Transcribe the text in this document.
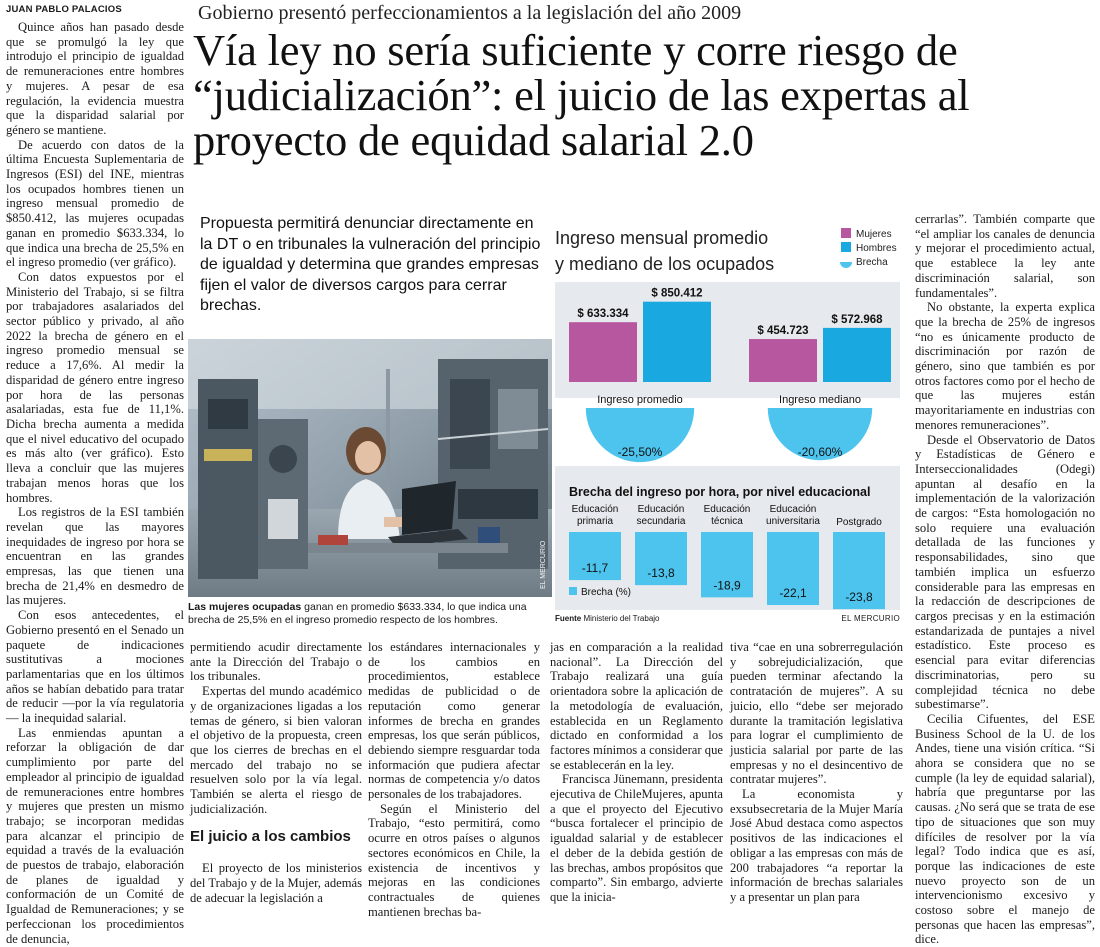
JUAN PABLO PALACIOS	Gobierno presentó perfeccionamientos a la legislación del año 2009
Vía ley no sería suficiente y corre riesgo de “judicialización”: el juicio de las expertas al proyecto de equidad salarial 2.0

Quince años han pasado desde que se promulgó la ley que introdujo el principio de igualdad de remuneraciones entre hombres y mujeres. A pesar de esa regulación, la evidencia muestra que la disparidad salarial por género se mantiene.

De acuerdo con datos de la última Encuesta Suplementaria de Ingresos (ESI) del INE, mientras los ocupados hombres tienen un ingreso mensual promedio de $850.412, las mujeres ocupadas ganan en promedio $633.334, lo que indica una brecha de 25,5% en el ingreso promedio (ver gráfico).

Con datos expuestos por el Ministerio del Trabajo, si se filtra por trabajadores asalariados del sector público y privado, al año 2022 la brecha de género en el ingreso promedio mensual se reduce a 17,6%. Al medir la disparidad de género entre ingreso por hora de las personas asalariadas, esta fue de 11,1%. Dicha brecha aumenta a medida que el nivel educativo del ocupado es más alto (ver gráfico). Esto lleva a concluir que las mujeres trabajan menos horas que los hombres.

Los registros de la ESI también revelan que las mayores inequidades de ingreso por hora se encuentran en las grandes empresas, las que tienen una brecha de 21,4% en desmedro de las mujeres.

Con esos antecedentes, el Gobierno presentó en el Senado un paquete de indicaciones sustitutivas a mociones parlamentarias que en los últimos años se habían debatido para tratar de reducir —por la vía regulatoria— la inequidad salarial.

Las enmiendas apuntan a reforzar la obligación de dar cumplimiento por parte del empleador al principio de igualdad de remuneraciones entre hombres y mujeres que presten un mismo trabajo; se incorporan medidas para alcanzar el principio de equidad a través de la evaluación de puestos de trabajo, elaboración de planes de igualdad y conformación de un Comité de Igualdad de Remuneraciones; y se perfeccionan los procedimientos de denuncia,

Propuesta permitirá denunciar directamente en la DT o en tribunales la vulneración del principio de igualdad y determina que grandes empresas fijen el valor de diversos cargos para cerrar brechas.
EL MERCURIO
Las mujeres ocupadas ganan en promedio $633.334, lo que indica una brecha de 25,5% en el ingreso promedio respecto de los hombres.
Ingreso mensual promedio
y mediano de los ocupados
Mujeres
Hombres
Brecha
$ 633.334
$ 850.412
Ingreso promedio
$ 454.723
$ 572.968
Ingreso mediano
-25,50%	-20,60%
Brecha del ingreso por hora, por nivel educacional
Educación
primaria
-11,7
Educación
secundaria
-13,8
Educación
técnica
-18,9
Educación
universitaria
-22,1
Postgrado
-23,8
Brecha (%)
Fuente Ministerio del Trabajo	EL MERCURIO

permitiendo acudir directamente ante la Dirección del Trabajo o los tribunales.

Expertas del mundo académico y de organizaciones ligadas a los temas de género, si bien valoran el objetivo de la propuesta, creen que los cierres de brechas en el mercado del trabajo no se resuelven solo por la vía legal. También se alerta el riesgo de judicialización.

El juicio a los cambios

El proyecto de los ministerios del Trabajo y de la Mujer, además de adecuar la legislación a

los estándares internacionales y de los cambios en procedimientos, establece medidas de publicidad o de reputación como generar informes de brecha en grandes empresas, los que serán públicos, debiendo siempre resguardar toda información que pudiera afectar normas de competencia y/o datos personales de los trabajadores.

Según el Ministerio del Trabajo, “esto permitirá, como ocurre en otros países o algunos sectores económicos en Chile, la existencia de incentivos y mejoras en las condiciones contractuales de quienes mantienen brechas ba-

jas en comparación a la realidad nacional”. La Dirección del Trabajo realizará una guía orientadora sobre la aplicación de la metodología de evaluación, establecida en un Reglamento dictado en conformidad a los factores mínimos a considerar que se establecerán en la ley.

Francisca Jünemann, presidenta ejecutiva de ChileMujeres, apunta a que el proyecto del Ejecutivo “busca fortalecer el principio de igualdad salarial y de establecer el deber de la debida gestión de las brechas, ambos propósitos que comparto”. Sin embargo, advierte que la inicia-

tiva “cae en una sobrerregulación y sobrejudicialización, que pueden terminar afectando la contratación de mujeres”. A su juicio, ello “debe ser mejorado durante la tramitación legislativa para lograr el cumplimiento de justicia salarial por parte de las empresas y no el desincentivo de contratar mujeres”.

La economista y exsubsecretaria de la Mujer María José Abud destaca como aspectos positivos de las indicaciones el obligar a las empresas con más de 200 trabajadores “a reportar la información de brechas salariales y a presentar un plan para

cerrarlas”. También comparte que “el ampliar los canales de denuncia y mejorar el procedimiento actual, que establece la ley ante discriminación salarial, son fundamentales”.

No obstante, la experta explica que la brecha de 25% de ingresos “no es únicamente producto de discriminación por razón de género, sino que también es por otros factores como por el hecho de que las mujeres están mayoritariamente en industrias con menores remuneraciones”.

Desde el Observatorio de Datos y Estadísticas de Género e Interseccionalidades (Odegi) apuntan al desafío en la implementación de la valorización de cargos: “Esta homologación no solo requiere una evaluación detallada de las funciones y responsabilidades, sino que también implica un esfuerzo considerable para las empresas en la redacción de descripciones de cargos precisas y en la estimación estandarizada de puntajes a nivel estadístico. Este proceso es esencial para evitar diferencias discriminatorias, pero su complejidad técnica no debe subestimarse”.

Cecilia Cifuentes, del ESE Business School de la U. de los Andes, tiene una visión crítica. “Si ahora se considera que no se cumple (la ley de equidad salarial), habría que preguntarse por las causas. ¿No será que se trata de ese tipo de situaciones que son muy difíciles de resolver por la vía legal? Todo indica que es así, porque las indicaciones de este nuevo proyecto son de un intervencionismo excesivo y costoso sobre el manejo de personas que hacen las empresas”, dice.
